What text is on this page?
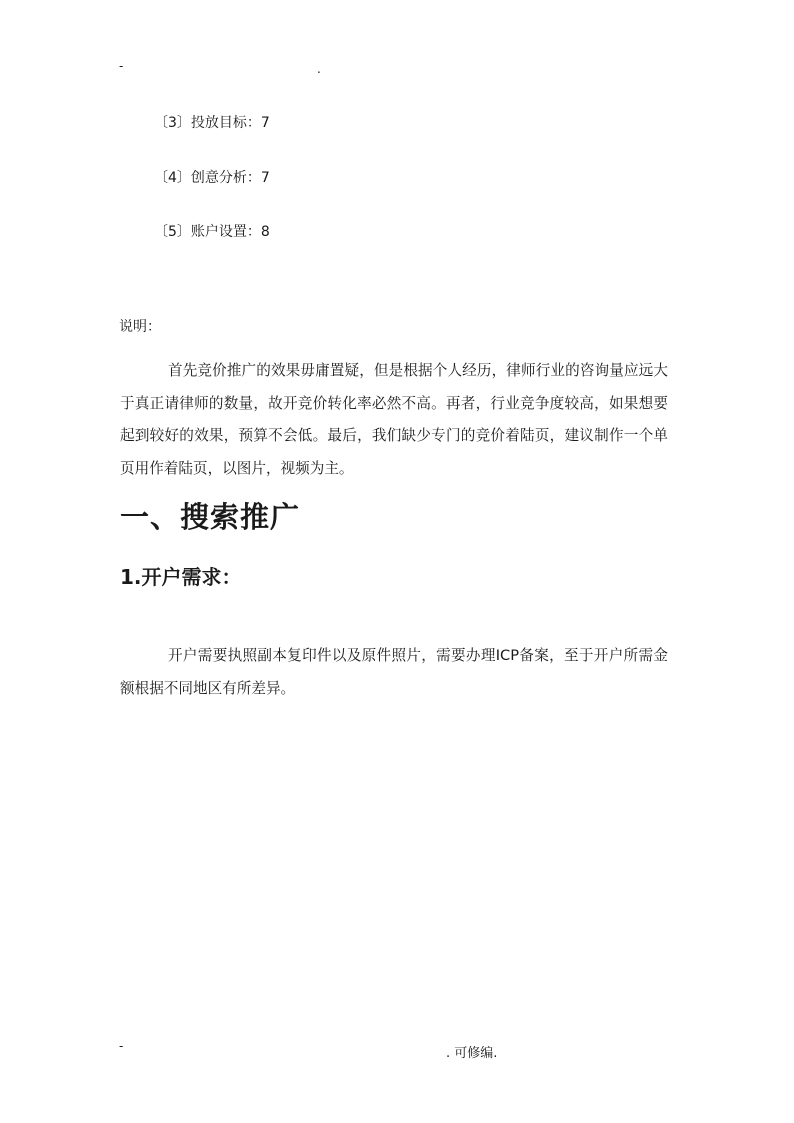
-	.
〔3〕投放目标：7
〔4〕创意分析：7
〔5〕账户设置：8
说明：

首先竞价推广的效果毋庸置疑，但是根据个人经历，律师行业的咨询量应远大于真正请律师的数量，故开竞价转化率必然不高。再者，行业竞争度较高，如果想要起到较好的效果，预算不会低。最后，我们缺少专门的竞价着陆页，建议制作一个单页用作着陆页，以图片，视频为主。

一、搜索推广
1.开户需求：

开户需要执照副本复印件以及原件照片，需要办理ICP备案，至于开户所需金额根据不同地区有所差异。

-	. 可修编.
